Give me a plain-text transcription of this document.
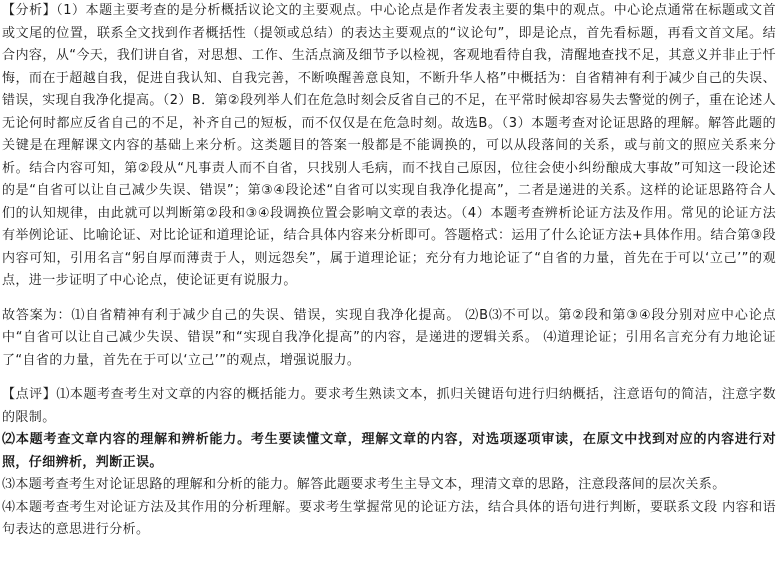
【分析】（1）本题主要考查的是分析概括议论文的主要观点。中心论点是作者发表主要的集中的观点。中心论点通常在标题或文首或文尾的位置，联系全文找到作者概括性（提领或总结）的表达主要观点的“议论句”，即是论点，首先看标题，再看文首文尾。结合内容，从“今天，我们讲自省，对思想、工作、生活点滴及细节予以检视，客观地看待自我，清醒地查找不足，其意义并非止于忏悔，而在于超越自我，促进自我认知、自我完善，不断唤醒善意良知，不断升华人格”中概括为：自省精神有利于减少自己的失误、错误，实现自我净化提高。（2）B．第②段列举人们在危急时刻会反省自己的不足，在平常时候却容易失去警觉的例子，重在论述人无论何时都应反省自己的不足，补齐自己的短板，而不仅仅是在危急时刻。故选B。（3）本题考查对论证思路的理解。解答此题的关键是在理解课文内容的基础上来分析。这类题目的答案一般都是不能调换的，可以从段落间的关系，或与前文的照应关系来分析。结合内容可知，第②段从“凡事责人而不自省，只找别人毛病，而不找自己原因，位往会使小纠纷酿成大事故”可知这一段论述的是“自省可以让自己减少失误、错误”；第③④段论述“自省可以实现自我净化提高”，二者是递进的关系。这样的论证思路符合人们的认知规律，由此就可以判断第②段和③④段调换位置会影响文章的表达。（4）本题考查辨析论证方法及作用。常见的论证方法有举例论证、比喻论证、对比论证和道理论证，结合具体内容来分析即可。答题格式：运用了什么论证方法+具体作用。结合第③段内容可知，引用名言“躬自厚而薄责于人，则远怨矣”，属于道理论证；充分有力地论证了“自省的力量，首先在于可以‘立己’”的观点，进一步证明了中心论点，使论证更有说服力。

故答案为：⑴自省精神有利于减少自己的失误、错误，实现自我净化提高。 ⑵B⑶不可以。第②段和第③④段分别对应中心论点中“自省可以让自己减少失误、错误”和“实现自我净化提高”的内容，是递进的逻辑关系。 ⑷道理论证；引用名言充分有力地论证了“自省的力量，首先在于可以‘立己’”的观点，增强说服力。

【点评】⑴本题考查考生对文章的内容的概括能力。要求考生熟读文本，抓归关键语句进行归纳概括，注意语句的简洁，注意字数的限制。

⑵本题考查文章内容的理解和辨析能力。考生要读懂文章，理解文章的内容，对选项逐项审读，在原文中找到对应的内容进行对照，仔细辨析，判断正误。

⑶本题考查考生对论证思路的理解和分析的能力。解答此题要求考生主导文本，理清文章的思路，注意段落间的层次关系。

⑷本题考查考生对论证方法及其作用的分析理解。要求考生掌握常见的论证方法，结合具体的语句进行判断，要联系文段 内容和语句表达的意思进行分析。
